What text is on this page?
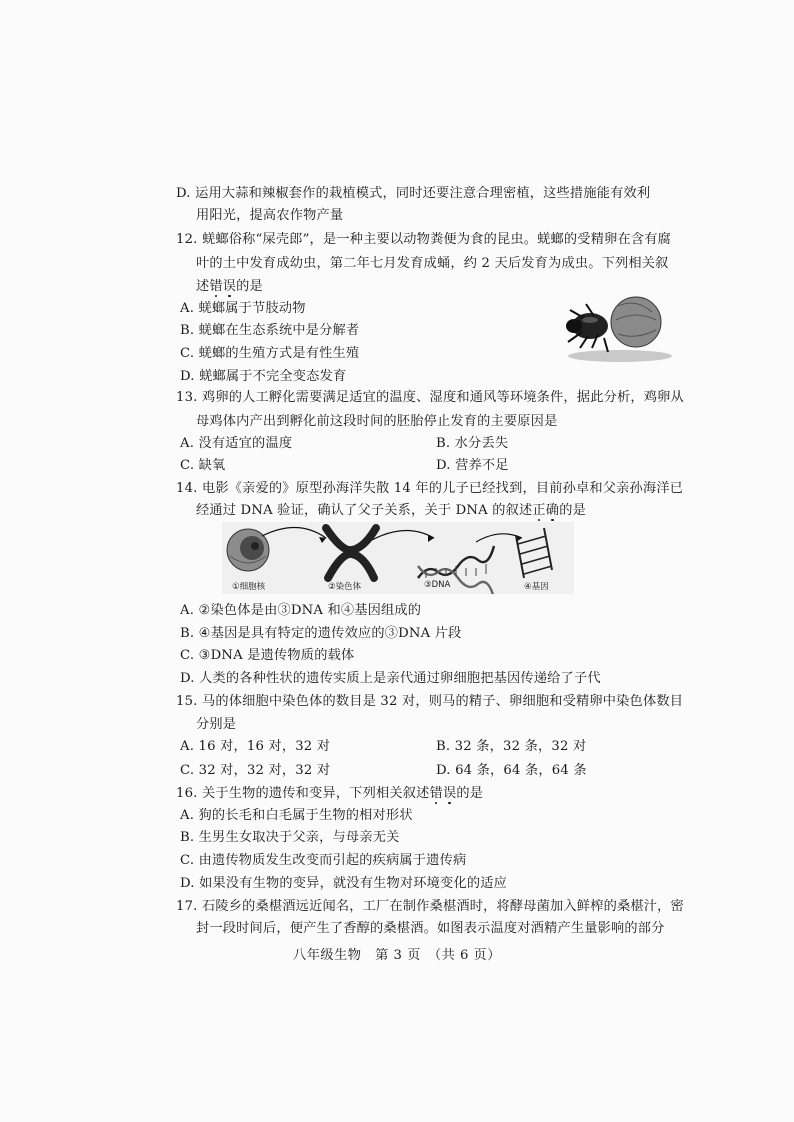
D. 运用大蒜和辣椒套作的栽植模式，同时还要注意合理密植，这些措施能有效利
用阳光，提高农作物产量
12. 蜣螂俗称“屎壳郎”，是一种主要以动物粪便为食的昆虫。蜣螂的受精卵在含有腐
叶的土中发育成幼虫，第二年七月发育成蛹，约 2 天后发育为成虫。下列相关叙
述错误的是
A. 蜣螂属于节肢动物
B. 蜣螂在生态系统中是分解者
C. 蜣螂的生殖方式是有性生殖
D. 蜣螂属于不完全变态发育
13. 鸡卵的人工孵化需要满足适宜的温度、湿度和通风等环境条件，据此分析，鸡卵从
母鸡体内产出到孵化前这段时间的胚胎停止发育的主要原因是
A. 没有适宜的温度	B. 水分丢失
C. 缺氧	D. 营养不足
14. 电影《亲爱的》原型孙海洋失散 14 年的儿子已经找到，目前孙卓和父亲孙海洋已
经通过 DNA 验证，确认了父子关系，关于 DNA 的叙述正确的是
①细胞核	②染色体	③DNA	④基因
A. ②染色体是由③DNA 和④基因组成的
B. ④基因是具有特定的遗传效应的③DNA 片段
C. ③DNA 是遗传物质的载体
D. 人类的各种性状的遗传实质上是亲代通过卵细胞把基因传递给了子代
15. 马的体细胞中染色体的数目是 32 对，则马的精子、卵细胞和受精卵中染色体数目
分别是
A. 16 对，16 对，32 对	B. 32 条，32 条，32 对
C. 32 对，32 对，32 对	D. 64 条，64 条，64 条
16. 关于生物的遗传和变异，下列相关叙述错误的是
A. 狗的长毛和白毛属于生物的相对形状
B. 生男生女取决于父亲，与母亲无关
C. 由遗传物质发生改变而引起的疾病属于遗传病
D. 如果没有生物的变异，就没有生物对环境变化的适应
17. 石陵乡的桑椹酒远近闻名，工厂在制作桑椹酒时，将酵母菌加入鲜榨的桑椹汁，密
封一段时间后，便产生了香醇的桑椹酒。如图表示温度对酒精产生量影响的部分
八年级生物　第 3 页　（共 6 页）
